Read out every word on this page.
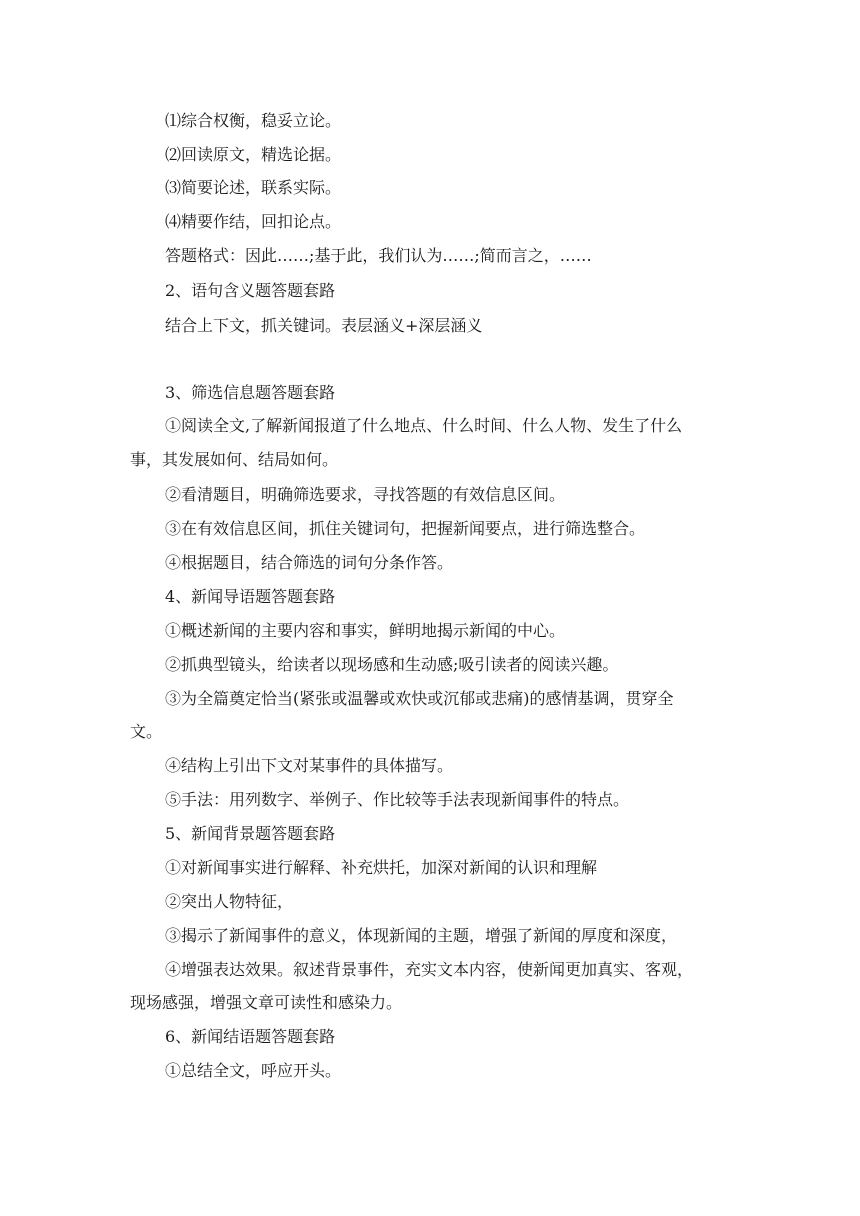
⑴综合权衡，稳妥立论。
⑵回读原文，精选论据。
⑶简要论述，联系实际。
⑷精要作结，回扣论点。
答题格式：因此……;基于此，我们认为……;简而言之，……
2、语句含义题答题套路
结合上下文，抓关键词。表层涵义+深层涵义
3、筛选信息题答题套路
①阅读全文,了解新闻报道了什么地点、什么时间、什么人物、发生了什么
事，其发展如何、结局如何。
②看清题目，明确筛选要求，寻找答题的有效信息区间。
③在有效信息区间，抓住关键词句，把握新闻要点，进行筛选整合。
④根据题目，结合筛选的词句分条作答。
4、新闻导语题答题套路
①概述新闻的主要内容和事实，鲜明地揭示新闻的中心。
②抓典型镜头，给读者以现场感和生动感;吸引读者的阅读兴趣。
③为全篇奠定恰当(紧张或温馨或欢快或沉郁或悲痛)的感情基调，贯穿全
文。
④结构上引出下文对某事件的具体描写。
⑤手法：用列数字、举例子、作比较等手法表现新闻事件的特点。
5、新闻背景题答题套路
①对新闻事实进行解释、补充烘托，加深对新闻的认识和理解
②突出人物特征，
③揭示了新闻事件的意义，体现新闻的主题，增强了新闻的厚度和深度，
④增强表达效果。叙述背景事件，充实文本内容，使新闻更加真实、客观，
现场感强，增强文章可读性和感染力。
6、新闻结语题答题套路
①总结全文，呼应开头。
